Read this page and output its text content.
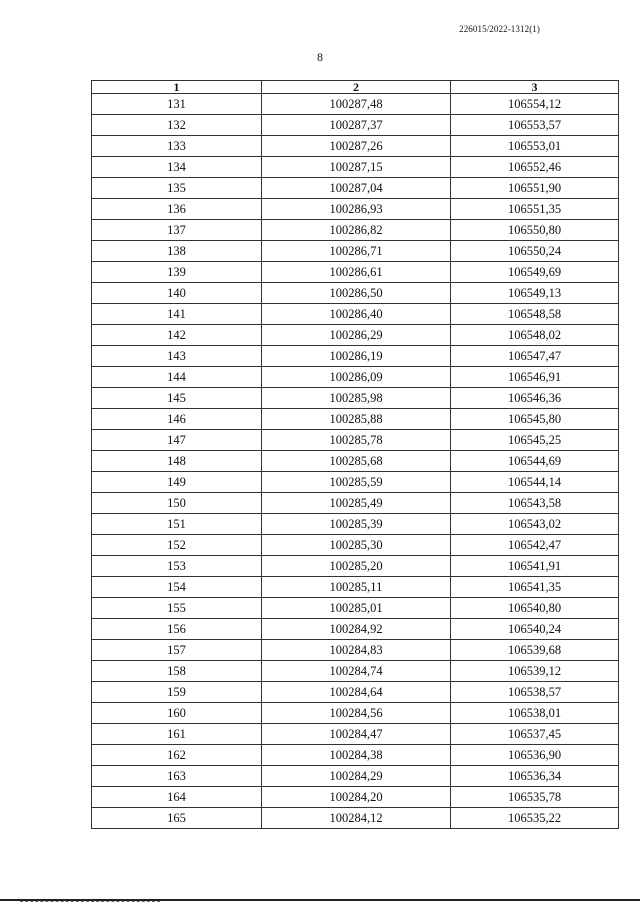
226015/2022-1312(1)
8
1	2	3
131	100287,48	106554,12
132	100287,37	106553,57
133	100287,26	106553,01
134	100287,15	106552,46
135	100287,04	106551,90
136	100286,93	106551,35
137	100286,82	106550,80
138	100286,71	106550,24
139	100286,61	106549,69
140	100286,50	106549,13
141	100286,40	106548,58
142	100286,29	106548,02
143	100286,19	106547,47
144	100286,09	106546,91
145	100285,98	106546,36
146	100285,88	106545,80
147	100285,78	106545,25
148	100285,68	106544,69
149	100285,59	106544,14
150	100285,49	106543,58
151	100285,39	106543,02
152	100285,30	106542,47
153	100285,20	106541,91
154	100285,11	106541,35
155	100285,01	106540,80
156	100284,92	106540,24
157	100284,83	106539,68
158	100284,74	106539,12
159	100284,64	106538,57
160	100284,56	106538,01
161	100284,47	106537,45
162	100284,38	106536,90
163	100284,29	106536,34
164	100284,20	106535,78
165	100284,12	106535,22
